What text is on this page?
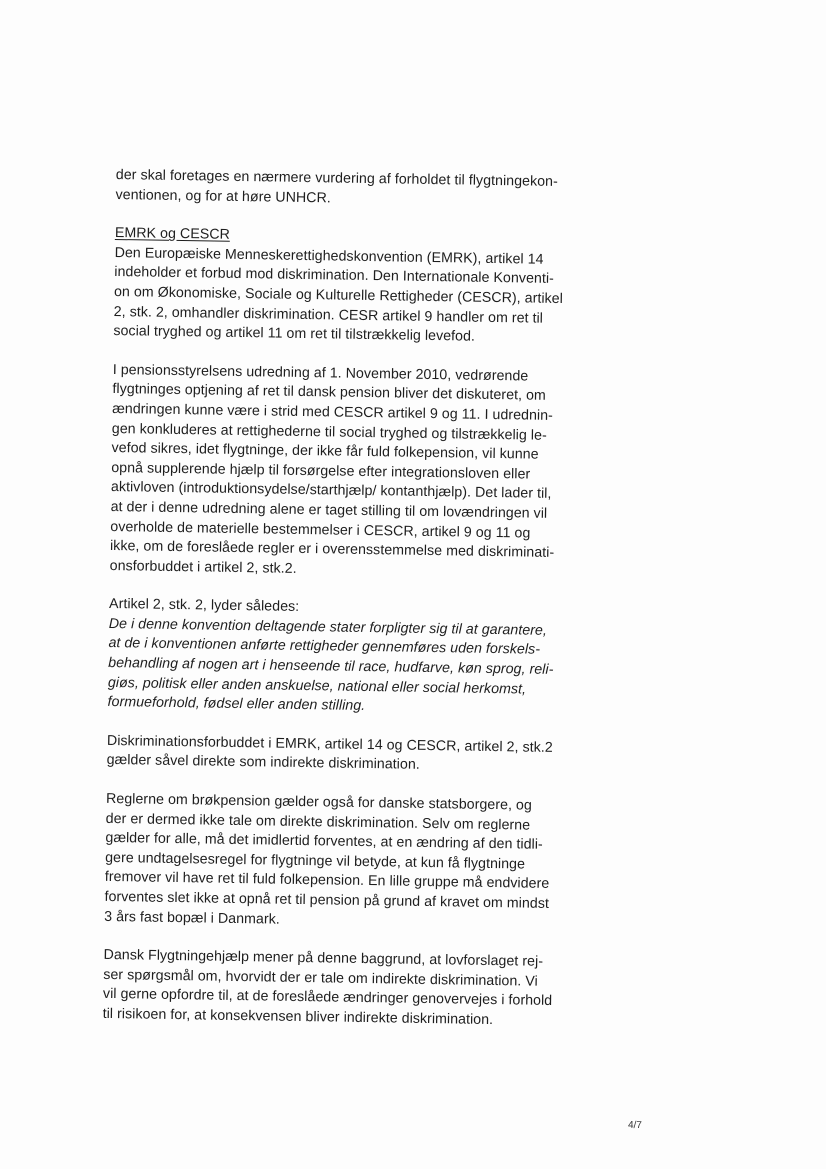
der skal foretages en nærmere vurdering af forholdet til flygtningekon-
ventionen, og for at høre UNHCR.
EMRK og CESCR
Den Europæiske Menneskerettighedskonvention (EMRK), artikel 14
indeholder et forbud mod diskrimination. Den Internationale Konventi-
on om Økonomiske, Sociale og Kulturelle Rettigheder (CESCR), artikel
2, stk. 2, omhandler diskrimination. CESR artikel 9 handler om ret til
social tryghed og artikel 11 om ret til tilstrækkelig levefod.
I pensionsstyrelsens udredning af 1. November 2010, vedrørende
flygtninges optjening af ret til dansk pension bliver det diskuteret, om
ændringen kunne være i strid med CESCR artikel 9 og 11. I udrednin-
gen konkluderes at rettighederne til social tryghed og tilstrækkelig le-
vefod sikres, idet flygtninge, der ikke får fuld folkepension, vil kunne
opnå supplerende hjælp til forsørgelse efter integrationsloven eller
aktivloven (introduktionsydelse/starthjælp/ kontanthjælp). Det lader til,
at der i denne udredning alene er taget stilling til om lovændringen vil
overholde de materielle bestemmelser i CESCR, artikel 9 og 11 og
ikke, om de foreslåede regler er i overensstemmelse med diskriminati-
onsforbuddet i artikel 2, stk.2.
Artikel 2, stk. 2, lyder således:
De i denne konvention deltagende stater forpligter sig til at garantere,
at de i konventionen anførte rettigheder gennemføres uden forskels-
behandling af nogen art i henseende til race, hudfarve, køn sprog, reli-
giøs, politisk eller anden anskuelse, national eller social herkomst,
formueforhold, fødsel eller anden stilling.
Diskriminationsforbuddet i EMRK, artikel 14 og CESCR, artikel 2, stk.2
gælder såvel direkte som indirekte diskrimination.
Reglerne om brøkpension gælder også for danske statsborgere, og
der er dermed ikke tale om direkte diskrimination. Selv om reglerne
gælder for alle, må det imidlertid forventes, at en ændring af den tidli-
gere undtagelsesregel for flygtninge vil betyde, at kun få flygtninge
fremover vil have ret til fuld folkepension. En lille gruppe må endvidere
forventes slet ikke at opnå ret til pension på grund af kravet om mindst
3 års fast bopæl i Danmark.
Dansk Flygtningehjælp mener på denne baggrund, at lovforslaget rej-
ser spørgsmål om, hvorvidt der er tale om indirekte diskrimination. Vi
vil gerne opfordre til, at de foreslåede ændringer genovervejes i forhold
til risikoen for, at konsekvensen bliver indirekte diskrimination.
4/7
